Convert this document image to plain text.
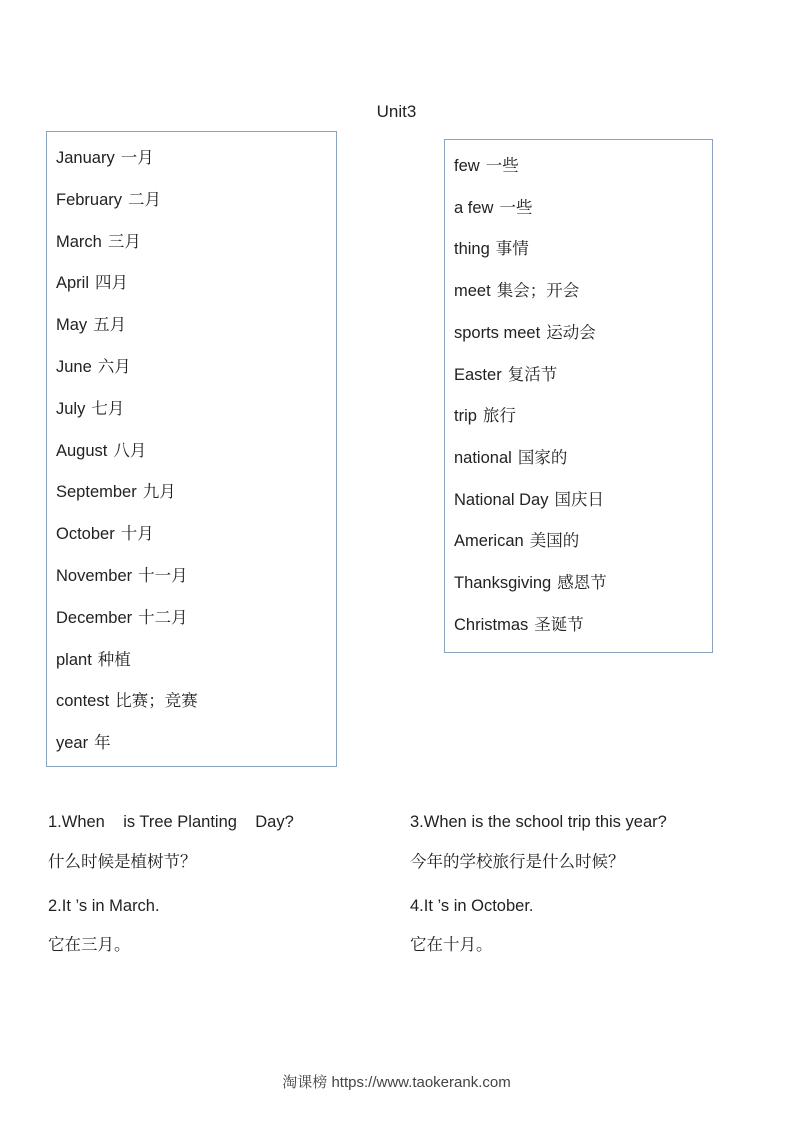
Unit3
January 一月
February 二月
March 三月
April 四月
May 五月
June 六月
July 七月
August 八月
September 九月
October 十月
November 十一月
December 十二月
plant 种植
contest 比赛；竞赛
year 年
few 一些
a few 一些
thing 事情
meet 集会；开会
sports meet 运动会
Easter 复活节
trip 旅行
national 国家的
National Day 国庆日
American 美国的
Thanksgiving 感恩节
Christmas 圣诞节
1.When    is Tree Planting    Day?
什么时候是植树节？
2.It ’s in March.
它在三月。
3.When is the school trip this year?
今年的学校旅行是什么时候？
4.It ’s in October.
它在十月。
淘课榜 https://www.taokerank.com
